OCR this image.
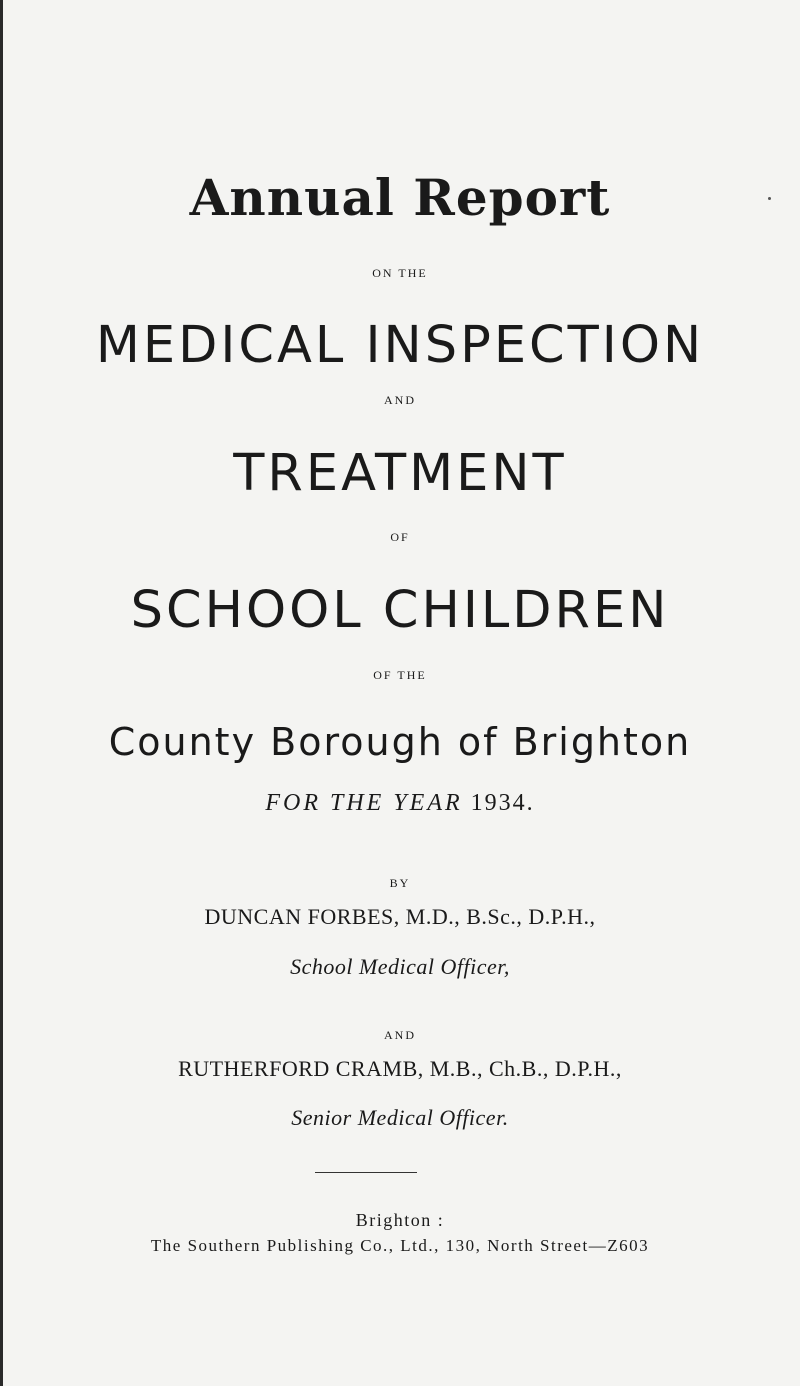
Annual Report
ON THE
MEDICAL INSPECTION
AND
TREATMENT
OF
SCHOOL CHILDREN
OF THE
County Borough of Brighton
FOR THE YEAR 1934.
BY
DUNCAN FORBES, M.D., B.Sc., D.P.H.,
School Medical Officer,
AND
RUTHERFORD CRAMB, M.B., Ch.B., D.P.H.,
Senior Medical Officer.
Brighton :
The Southern Publishing Co., Ltd., 130, North Street—Z603
